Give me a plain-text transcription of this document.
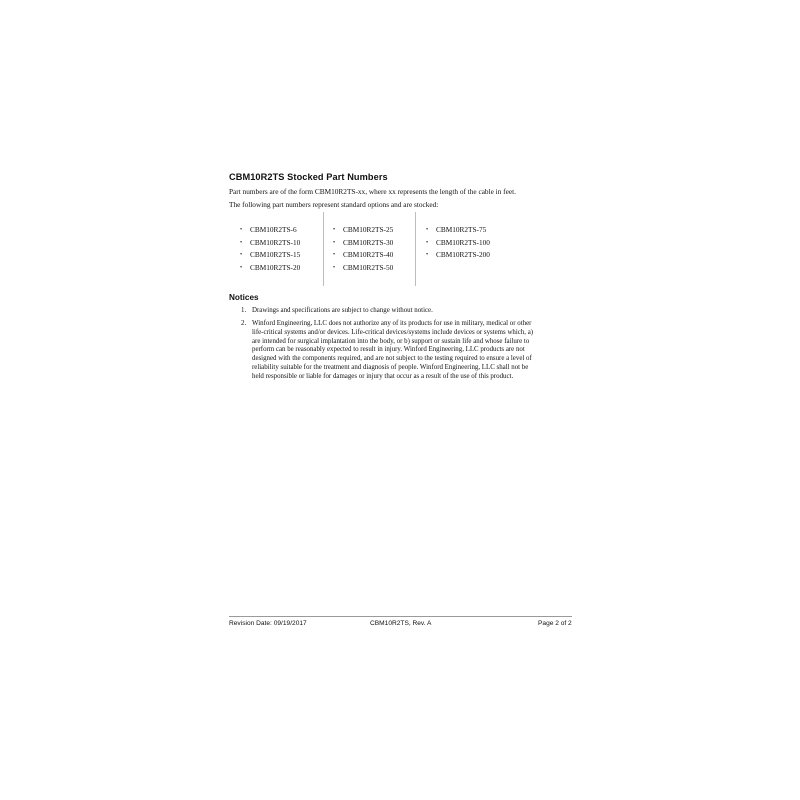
CBM10R2TS Stocked Part Numbers
Part numbers are of the form CBM10R2TS-xx, where xx represents the length of the cable in feet.
The following part numbers represent standard options and are stocked:
• CBM10R2TS-6
• CBM10R2TS-10
• CBM10R2TS-15
• CBM10R2TS-20
• CBM10R2TS-25
• CBM10R2TS-30
• CBM10R2TS-40
• CBM10R2TS-50
• CBM10R2TS-75
• CBM10R2TS-100
• CBM10R2TS-200
Notices
1. Drawings and specifications are subject to change without notice.
2. Winford Engineering, LLC does not authorize any of its products for use in military, medical or other
life-critical systems and/or devices. Life-critical devices/systems include devices or systems which, a)
are intended for surgical implantation into the body, or b) support or sustain life and whose failure to
perform can be reasonably expected to result in injury. Winford Engineering, LLC products are not
designed with the components required, and are not subject to the testing required to ensure a level of
reliability suitable for the treatment and diagnosis of people. Winford Engineering, LLC shall not be
held responsible or liable for damages or injury that occur as a result of the use of this product.
Revision Date: 09/19/2017	CBM10R2TS, Rev. A	Page 2 of 2
